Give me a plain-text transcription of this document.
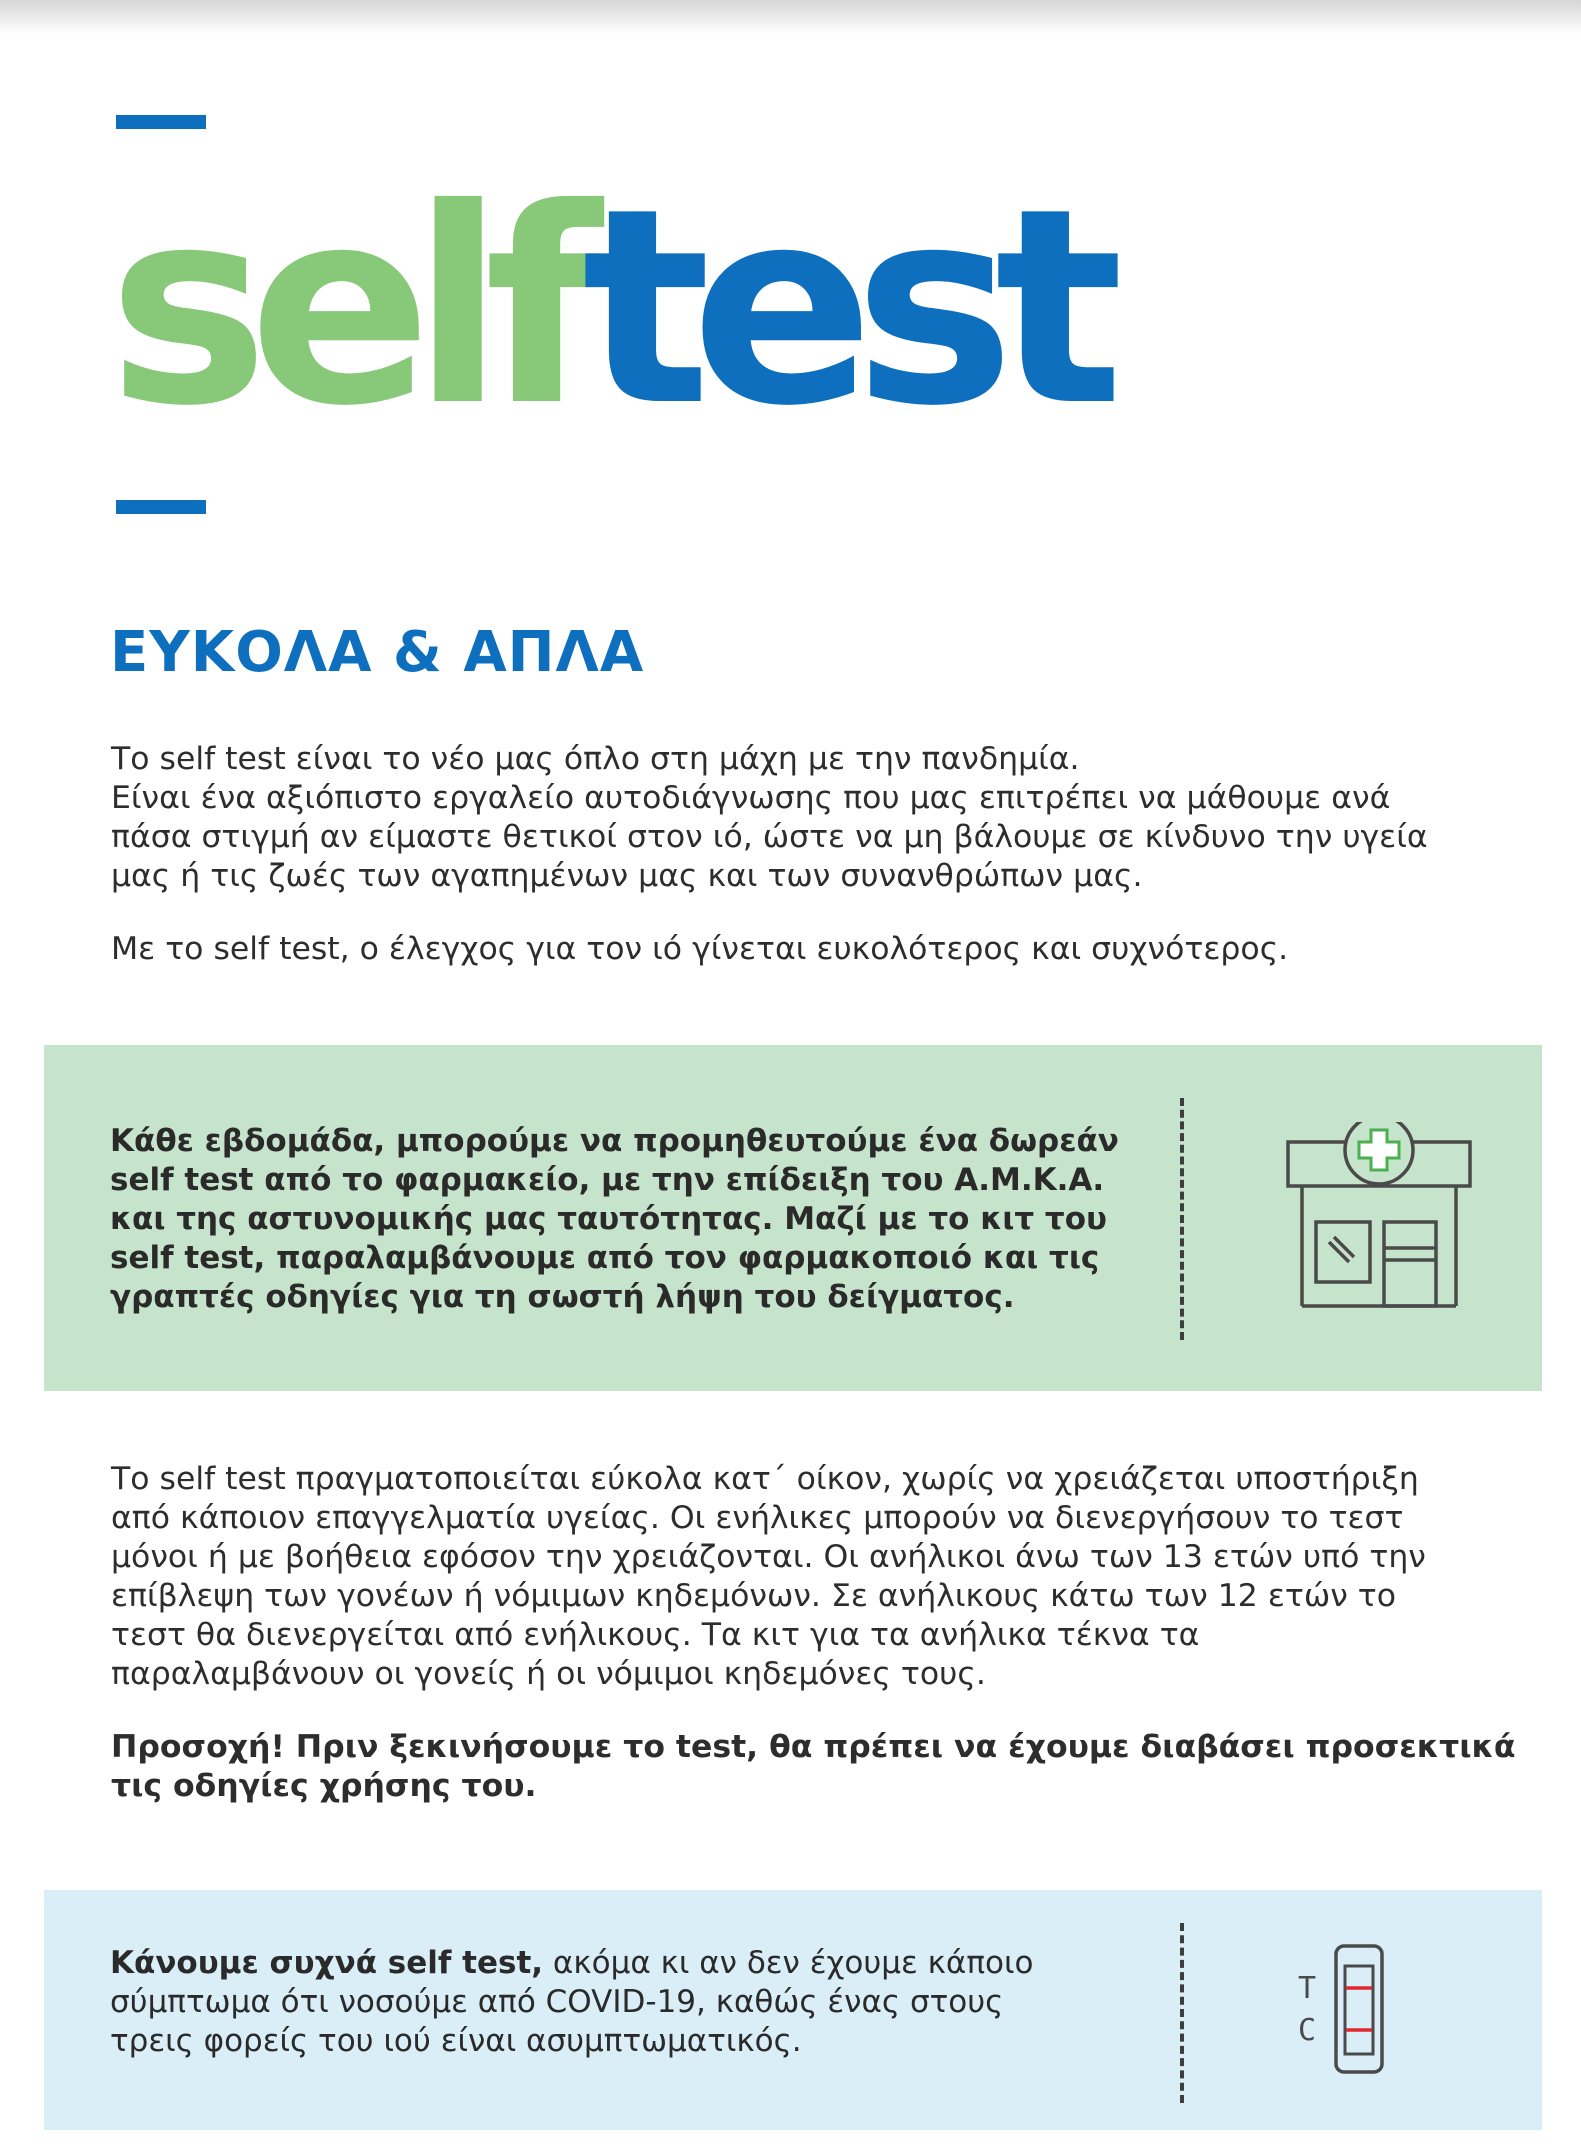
selftest
ΕΥΚΟΛΑ & ΑΠΛΑ

Το self test είναι το νέο μας όπλο στη μάχη με την πανδημία.
Είναι ένα αξιόπιστο εργαλείο αυτοδιάγνωσης που μας επιτρέπει να μάθουμε ανά
πάσα στιγμή αν είμαστε θετικοί στον ιό, ώστε να μη βάλουμε σε κίνδυνο την υγεία
μας ή τις ζωές των αγαπημένων μας και των συνανθρώπων μας.

Με το self test, ο έλεγχος για τον ιό γίνεται ευκολότερος και συχνότερος.

Κάθε εβδομάδα, μπορούμε να προμηθευτούμε ένα δωρεάν
self test από το φαρμακείο, με την επίδειξη του Α.Μ.Κ.Α.
και της αστυνομικής μας ταυτότητας. Μαζί με το κιτ του
self test, παραλαμβάνουμε από τον φαρμακοποιό και τις
γραπτές οδηγίες για τη σωστή λήψη του δείγματος.

Το self test πραγματοποιείται εύκολα κατ΄ οίκον, χωρίς να χρειάζεται υποστήριξη
από κάποιον επαγγελματία υγείας. Οι ενήλικες μπορούν να διενεργήσουν το τεστ
μόνοι ή με βοήθεια εφόσον την χρειάζονται. Οι ανήλικοι άνω των 13 ετών υπό την
επίβλεψη των γονέων ή νόμιμων κηδεμόνων. Σε ανήλικους κάτω των 12 ετών το
τεστ θα διενεργείται από ενήλικους. Τα κιτ για τα ανήλικα τέκνα τα
παραλαμβάνουν οι γονείς ή οι νόμιμοι κηδεμόνες τους.

Προσοχή! Πριν ξεκινήσουμε το test, θα πρέπει να έχουμε διαβάσει προσεκτικά
τις οδηγίες χρήσης του.

Κάνουμε συχνά self test, ακόμα κι αν δεν έχουμε κάποιο
σύμπτωμα ότι νοσούμε από COVID-19, καθώς ένας στους
τρεις φορείς του ιού είναι ασυμπτωματικός.

T
C
